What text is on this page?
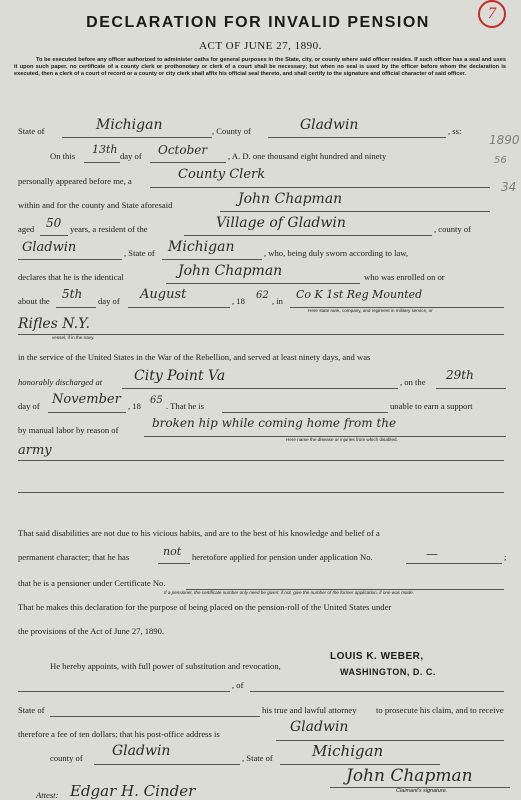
DECLARATION FOR INVALID PENSION
7
ACT OF JUNE 27, 1890.
To be executed before any officer authorized to administer oaths for general purposes in the State, city, or county where said officer resides. If such officer has a seal and uses it upon such paper, no certificate of a county clerk or prothonotary or clerk of a court shall be necessary; but when no seal is used by the officer before whom the declaration is executed, then a clerk of a court of record or a county or city clerk shall affix his official seal thereto, and shall certify to the signature and official character of said officer.
1890
56
34
State of	Michigan	, County of	Gladwin	, ss:
On this 13th day of October , A. D. one thousand eight hundred and ninety
personally appeared before me, a	County Clerk
within and for the county and State aforesaid	John Chapman
aged 50 years, a resident of the	Village of Gladwin	, county of
Gladwin	, State of Michigan	, who, being duly sworn according to law,
declares that he is the identical	John Chapman	who was enrolled on or
about the 5th day of August	, 18 62 , in Co K 1st Reg Mounted
Here state rank, company, and regiment in military service, or
Rifles N.Y.
vessel, if in the navy.
in the service of the United States in the War of the Rebellion, and served at least ninety days, and was
honorably discharged at City Point Va	, on the 29th
day of November , 18 65 . That he is	unable to earn a support
by manual labor by reason of	broken hip while coming home from the
Here name the disease or injuries from which disabled.
army
That said disabilities are not due to his vicious habits, and are to the best of his knowledge and belief of a
permanent character; that he has	not heretofore applied for pension under application No.	—	;
that he is a pensioner under Certificate No.
If a pensioner, the certificate number only need be given; if not, give the number of the former application, if one was made.
That he makes this declaration for the purpose of being placed on the pension-roll of the United States under
the provisions of the Act of June 27, 1890.
He hereby appoints, with full power of substitution and revocation,
LOUIS K. WEBER,
WASHINGTON, D. C.
, of
State of	his true and lawful attorney to prosecute his claim, and to receive
therefore a fee of ten dollars; that his post-office address is	Gladwin
county of Gladwin	, State of	Michigan
John Chapman
Claimant's signature.
Attest: Edgar H. Cinder
